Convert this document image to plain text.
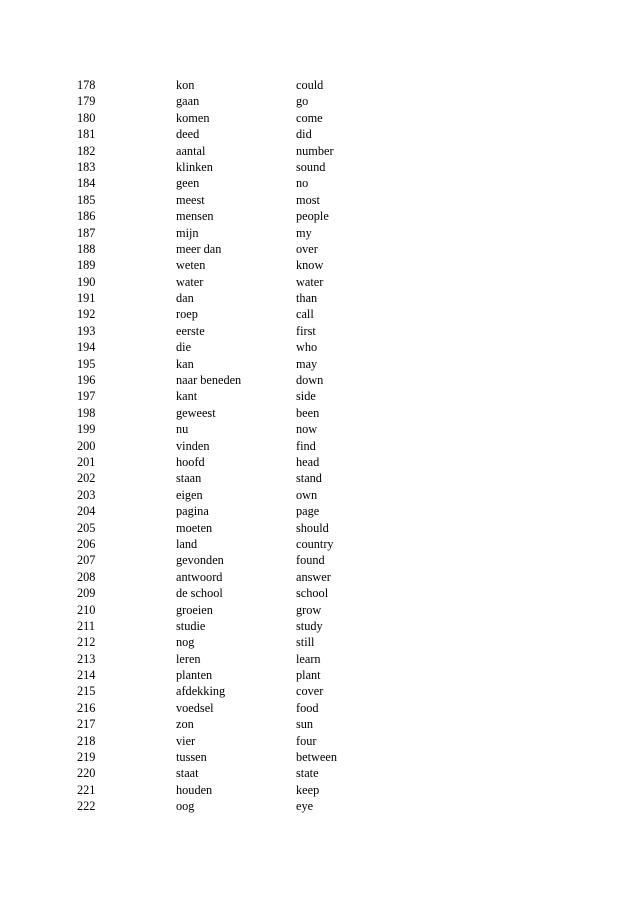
178	kon	could
179	gaan	go
180	komen	come
181	deed	did
182	aantal	number
183	klinken	sound
184	geen	no
185	meest	most
186	mensen	people
187	mijn	my
188	meer dan	over
189	weten	know
190	water	water
191	dan	than
192	roep	call
193	eerste	first
194	die	who
195	kan	may
196	naar beneden	down
197	kant	side
198	geweest	been
199	nu	now
200	vinden	find
201	hoofd	head
202	staan	stand
203	eigen	own
204	pagina	page
205	moeten	should
206	land	country
207	gevonden	found
208	antwoord	answer
209	de school	school
210	groeien	grow
211	studie	study
212	nog	still
213	leren	learn
214	planten	plant
215	afdekking	cover
216	voedsel	food
217	zon	sun
218	vier	four
219	tussen	between
220	staat	state
221	houden	keep
222	oog	eye
